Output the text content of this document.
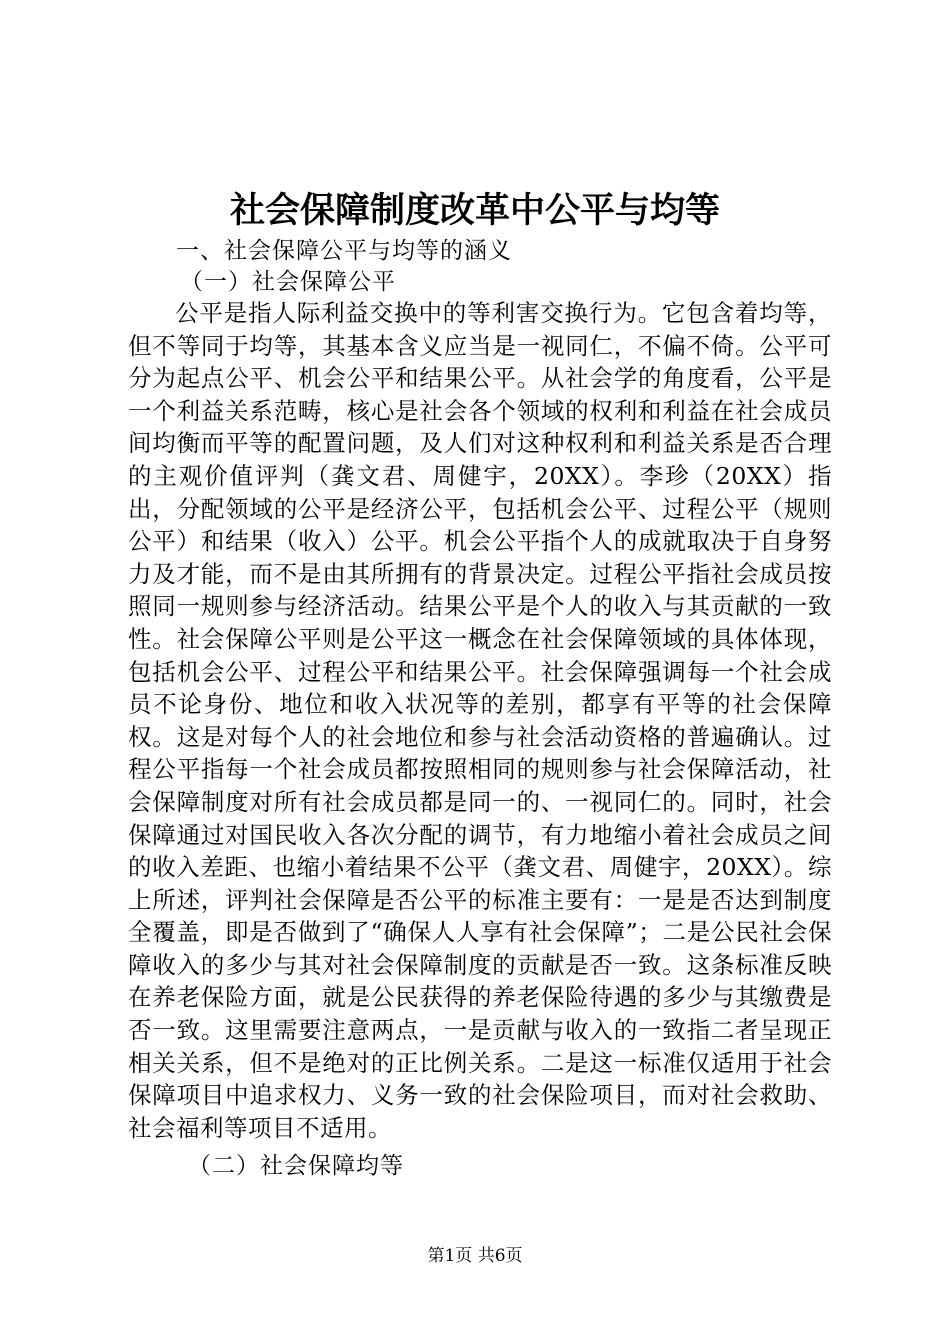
社会保障制度改革中公平与均等

一、社会保障公平与均等的涵义

（一）社会保障公平

公平是指人际利益交换中的等利害交换行为。它包含着均等，但不等同于均等，其基本含义应当是一视同仁，不偏不倚。公平可分为起点公平、机会公平和结果公平。从社会学的角度看，公平是一个利益关系范畴，核心是社会各个领域的权利和利益在社会成员间均衡而平等的配置问题，及人们对这种权利和利益关系是否合理的主观价值评判（龚文君、周健宇，20XX）。李珍（20XX）指出，分配领域的公平是经济公平，包括机会公平、过程公平（规则公平）和结果（收入）公平。机会公平指个人的成就取决于自身努力及才能，而不是由其所拥有的背景决定。过程公平指社会成员按照同一规则参与经济活动。结果公平是个人的收入与其贡献的一致性。社会保障公平则是公平这一概念在社会保障领域的具体体现，包括机会公平、过程公平和结果公平。社会保障强调每一个社会成员不论身份、地位和收入状况等的差别，都享有平等的社会保障权。这是对每个人的社会地位和参与社会活动资格的普遍确认。过程公平指每一个社会成员都按照相同的规则参与社会保障活动，社会保障制度对所有社会成员都是同一的、一视同仁的。同时，社会保障通过对国民收入各次分配的调节，有力地缩小着社会成员之间的收入差距、也缩小着结果不公平（龚文君、周健宇，20XX）。综上所述，评判社会保障是否公平的标准主要有：一是是否达到制度全覆盖，即是否做到了“确保人人享有社会保障”；二是公民社会保障收入的多少与其对社会保障制度的贡献是否一致。这条标准反映在养老保险方面，就是公民获得的养老保险待遇的多少与其缴费是否一致。这里需要注意两点，一是贡献与收入的一致指二者呈现正相关关系，但不是绝对的正比例关系。二是这一标准仅适用于社会保障项目中追求权力、义务一致的社会保险项目，而对社会救助、社会福利等项目不适用。

（二）社会保障均等

第1页 共6页
